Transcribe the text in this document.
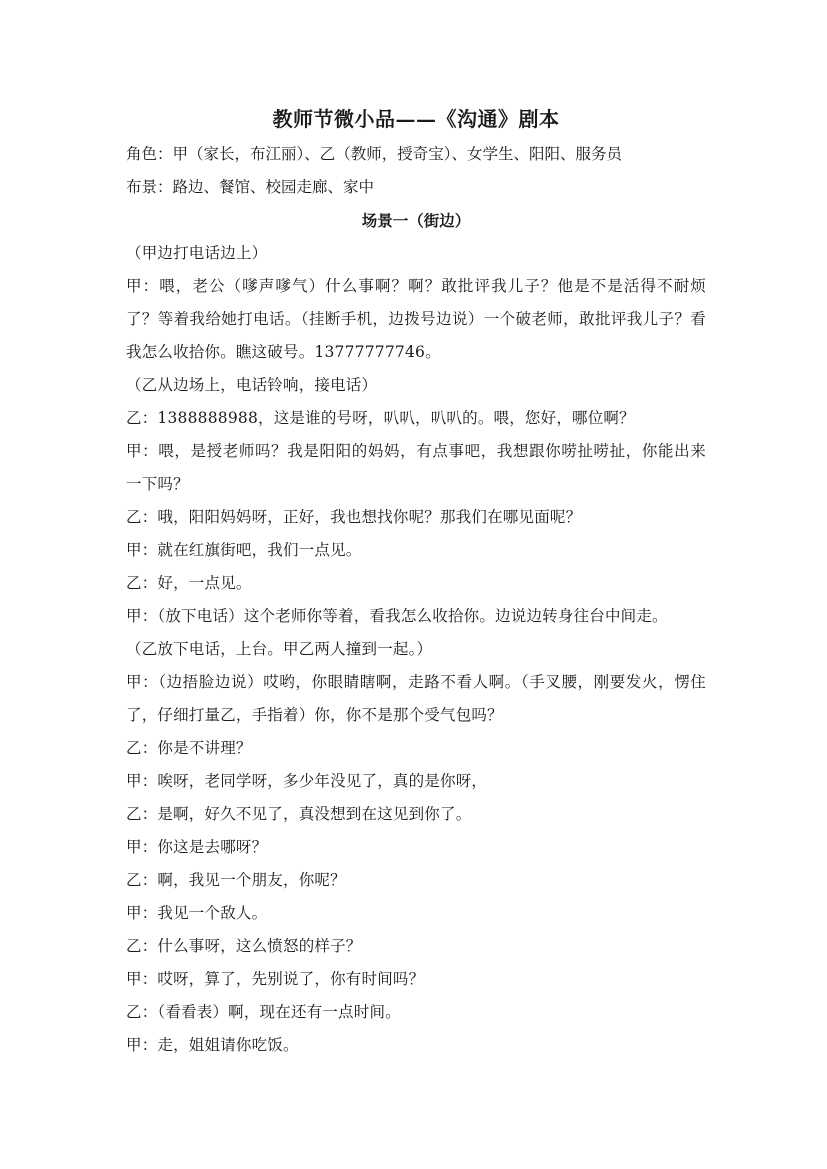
教师节微小品——《沟通》剧本

角色：甲（家长，布江丽）、乙（教师，授奇宝）、女学生、阳阳、服务员

布景：路边、餐馆、校园走廊、家中

场景一（街边）

（甲边打电话边上）

甲：喂，老公（嗲声嗲气）什么事啊？啊？敢批评我儿子？他是不是活得不耐烦了？等着我给她打电话。（挂断手机，边拨号边说）一个破老师，敢批评我儿子？看我怎么收拾你。瞧这破号。13777777746。

（乙从边场上，电话铃响，接电话）

乙：1388888988，这是谁的号呀，叭叭，叭叭的。喂，您好，哪位啊？

甲：喂，是授老师吗？我是阳阳的妈妈，有点事吧，我想跟你唠扯唠扯，你能出来一下吗？

乙：哦，阳阳妈妈呀，正好，我也想找你呢？那我们在哪见面呢？

甲：就在红旗街吧，我们一点见。

乙：好，一点见。

甲：（放下电话）这个老师你等着，看我怎么收拾你。边说边转身往台中间走。

（乙放下电话，上台。甲乙两人撞到一起。）

甲：（边捂脸边说）哎哟，你眼睛瞎啊，走路不看人啊。（手叉腰，刚要发火，愣住了，仔细打量乙，手指着）你，你不是那个受气包吗？

乙：你是不讲理？

甲：唉呀，老同学呀，多少年没见了，真的是你呀，

乙：是啊，好久不见了，真没想到在这见到你了。

甲：你这是去哪呀？

乙：啊，我见一个朋友，你呢？

甲：我见一个敌人。

乙：什么事呀，这么愤怒的样子？

甲：哎呀，算了，先别说了，你有时间吗？

乙：（看看表）啊，现在还有一点时间。

甲：走，姐姐请你吃饭。
